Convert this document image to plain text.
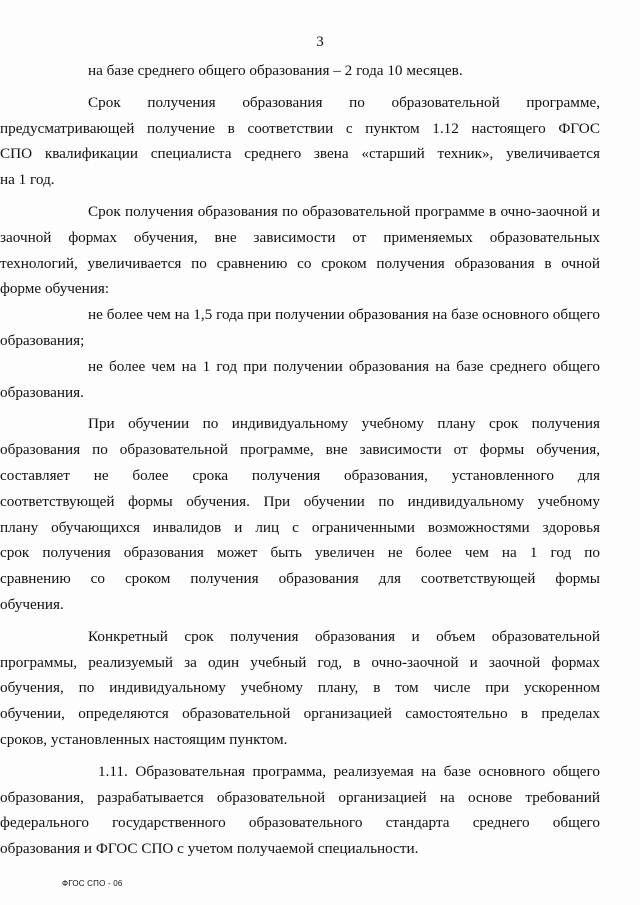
3
на базе среднего общего образования – 2 года 10 месяцев.
Срок получения образования по образовательной программе,
предусматривающей получение в соответствии с пунктом 1.12 настоящего ФГОС
СПО квалификации специалиста среднего звена «старший техник», увеличивается
на 1 год.
Срок получения образования по образовательной программе в очно-заочной и
заочной формах обучения, вне зависимости от применяемых образовательных
технологий, увеличивается по сравнению со сроком получения образования в очной
форме обучения:
не более чем на 1,5 года при получении образования на базе основного общего
образования;
не более чем на 1 год при получении образования на базе среднего общего
образования.
При обучении по индивидуальному учебному плану срок получения
образования по образовательной программе, вне зависимости от формы обучения,
составляет не более срока получения образования, установленного для
соответствующей формы обучения. При обучении по индивидуальному учебному
плану обучающихся инвалидов и лиц с ограниченными возможностями здоровья
срок получения образования может быть увеличен не более чем на 1 год по
сравнению со сроком получения образования для соответствующей формы
обучения.
Конкретный срок получения образования и объем образовательной
программы, реализуемый за один учебный год, в очно-заочной и заочной формах
обучения, по индивидуальному учебному плану, в том числе при ускоренном
обучении, определяются образовательной организацией самостоятельно в пределах
сроков, установленных настоящим пунктом.
1.11. Образовательная программа, реализуемая на базе основного общего
образования, разрабатывается образовательной организацией на основе требований
федерального государственного образовательного стандарта среднего общего
образования и ФГОС СПО с учетом получаемой специальности.
ФГОС СПО - 06
